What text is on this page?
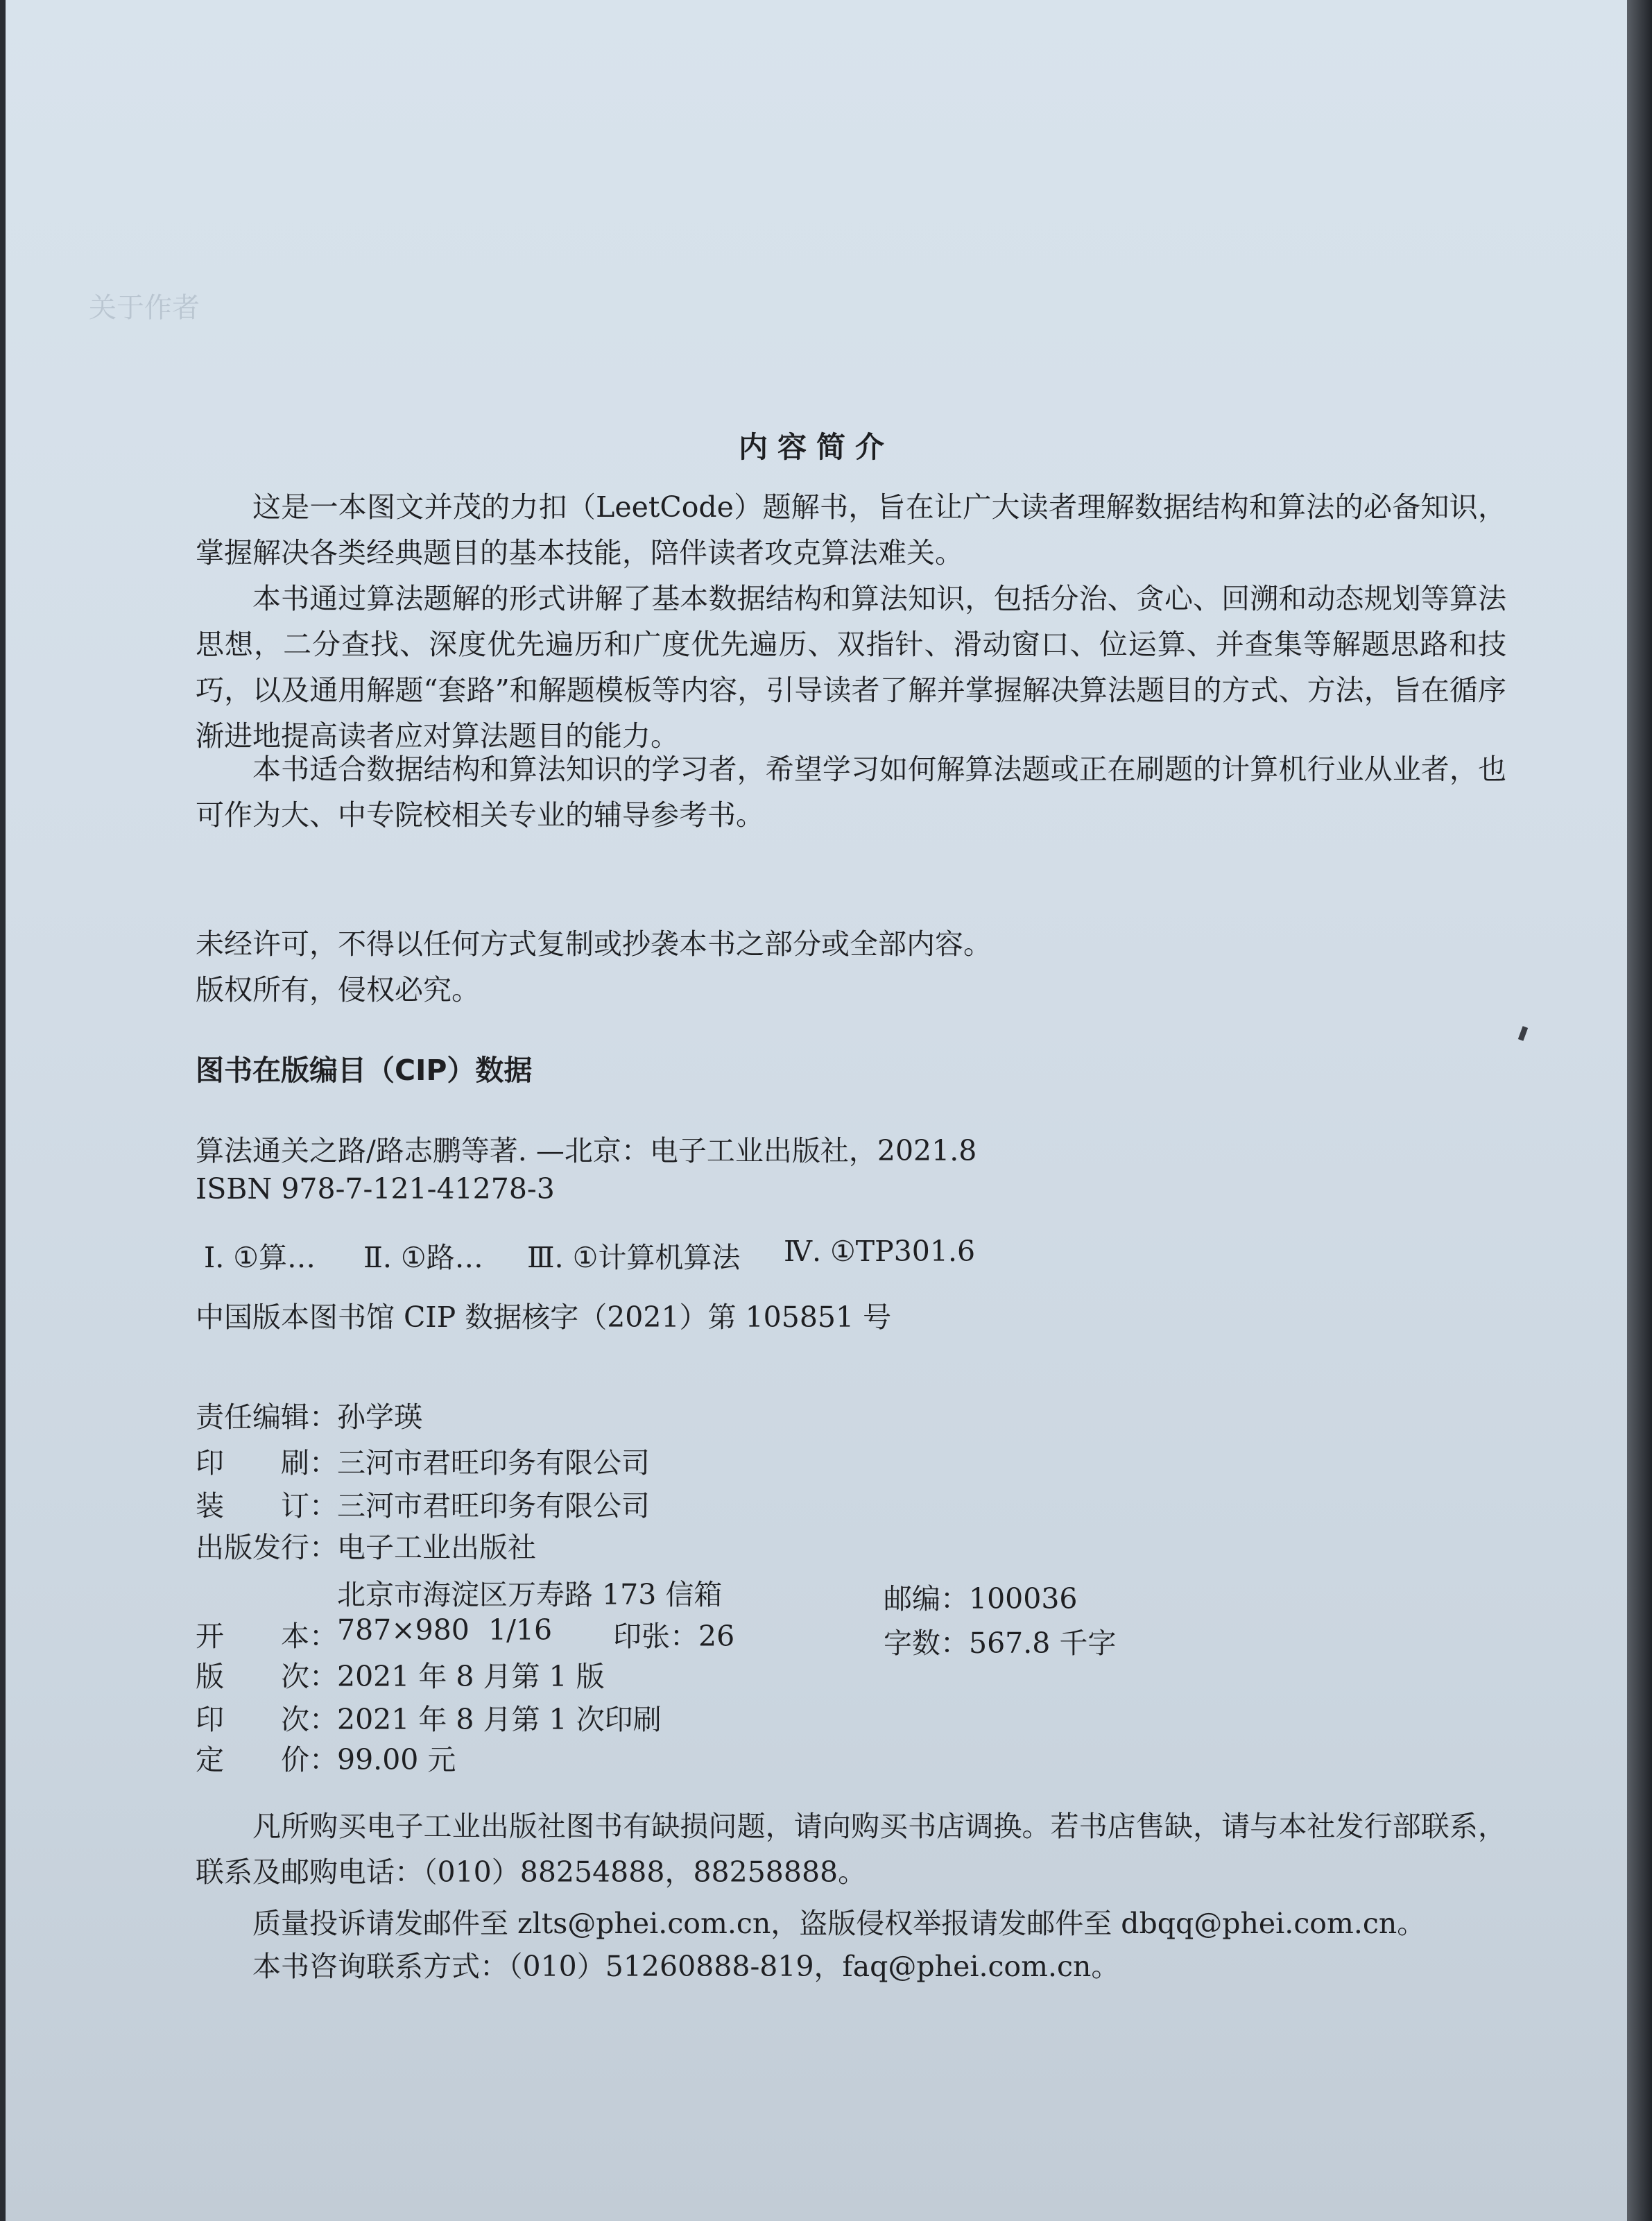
关于作者
内容简介

这是一本图文并茂的力扣（LeetCode）题解书，旨在让广大读者理解数据结构和算法的必备知识，掌握解决各类经典题目的基本技能，陪伴读者攻克算法难关。

本书通过算法题解的形式讲解了基本数据结构和算法知识，包括分治、贪心、回溯和动态规划等算法思想，二分查找、深度优先遍历和广度优先遍历、双指针、滑动窗口、位运算、并查集等解题思路和技巧，以及通用解题“套路”和解题模板等内容，引导读者了解并掌握解决算法题目的方式、方法，旨在循序渐进地提高读者应对算法题目的能力。

本书适合数据结构和算法知识的学习者，希望学习如何解算法题或正在刷题的计算机行业从业者，也可作为大、中专院校相关专业的辅导参考书。

未经许可，不得以任何方式复制或抄袭本书之部分或全部内容。
版权所有，侵权必究。
图书在版编目（CIP）数据
算法通关之路/路志鹏等著. —北京：电子工业出版社，2021.8
ISBN 978-7-121-41278-3
Ⅰ. ①算… Ⅱ. ①路… Ⅲ. ①计算机算法 Ⅳ. ①TP301.6
中国版本图书馆 CIP 数据核字（2021）第 105851 号
责任编辑： 孙学瑛
印　　刷： 三河市君旺印务有限公司
装　　订： 三河市君旺印务有限公司
出版发行： 电子工业出版社
北京市海淀区万寿路 173 信箱	邮编：100036
开　　本： 787×980 1/16 印张：26	字数：567.8 千字
版　　次： 2021 年 8 月第 1 版
印　　次： 2021 年 8 月第 1 次印刷
定　　价： 99.00 元

凡所购买电子工业出版社图书有缺损问题，请向购买书店调换。若书店售缺，请与本社发行部联系，联系及邮购电话：（010）88254888，88258888。

质量投诉请发邮件至 zlts@phei.com.cn，盗版侵权举报请发邮件至 dbqq@phei.com.cn。
本书咨询联系方式：（010）51260888-819，faq@phei.com.cn。
